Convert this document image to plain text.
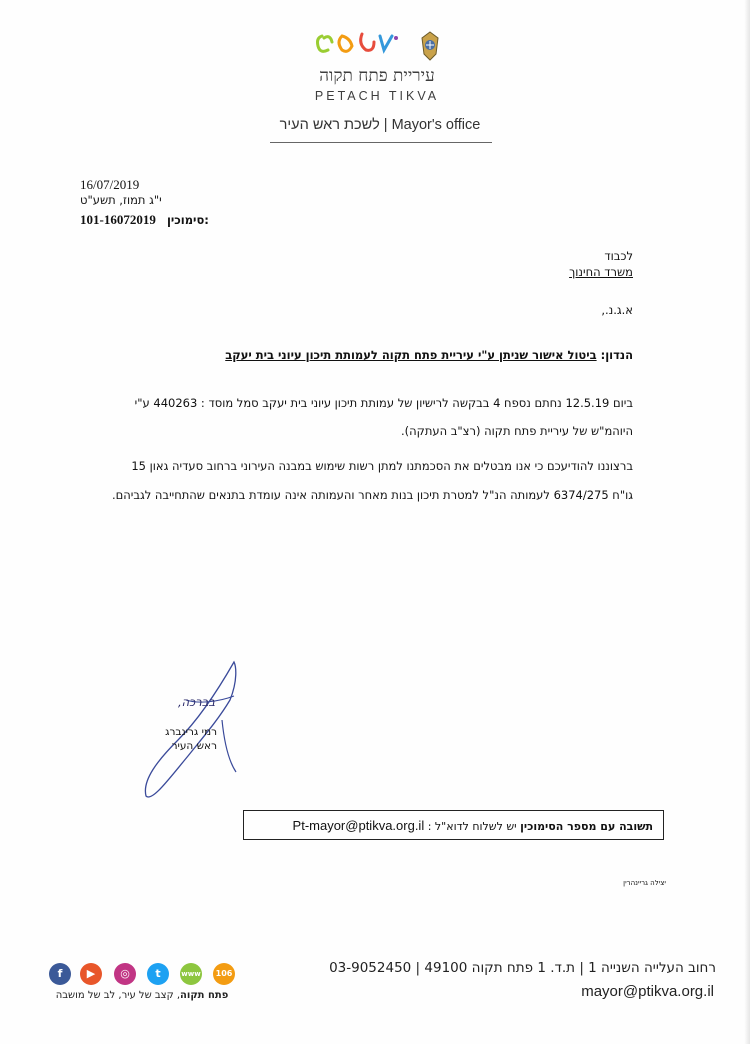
עיריית פתח תקוה
PETACH TIKVA
Mayor's office | לשכת ראש העיר
16/07/2019
י"ג תמוז, תשע"ט
101-16072019 סימוכין:
לכבוד
משרד החינוך
א.ג.נ.,
הנדון: ביטול אישור שניתן ע"י עיריית פתח תקוה לעמותת תיכון עיוני בית יעקב
ביום 12.5.19 נחתם נספח 4 בבקשה לרישיון של עמותת תיכון עיוני בית יעקב סמל מוסד : 440263 ע"י
היוהמ"ש של עיריית פתח תקוה (רצ"ב העתקה).
ברצוננו להודיעכם כי אנו מבטלים את הסכמתנו למתן רשות שימוש במבנה העירוני ברחוב סעדיה גאון 15
גו"ח 6374/275 לעמותה הנ"ל למטרת תיכון בנות מאחר והעמותה אינה עומדת בתנאים שהתחייבה לגביהם.
בברכה,
רמי גרינברג
ראש העיר
תשובה עם מספר הסימוכין יש לשלוח לדוא"ל : Pt-mayor@ptikva.org.il
יצילה גריינהרין
f	▶	◎	t	www	106
פתח תקוה, קצב של עיר, לב של מושבה
רחוב העלייה השנייה 1 | ת.ד. 1 פתח תקוה 49100 | 03-9052450
mayor@ptikva.org.il
